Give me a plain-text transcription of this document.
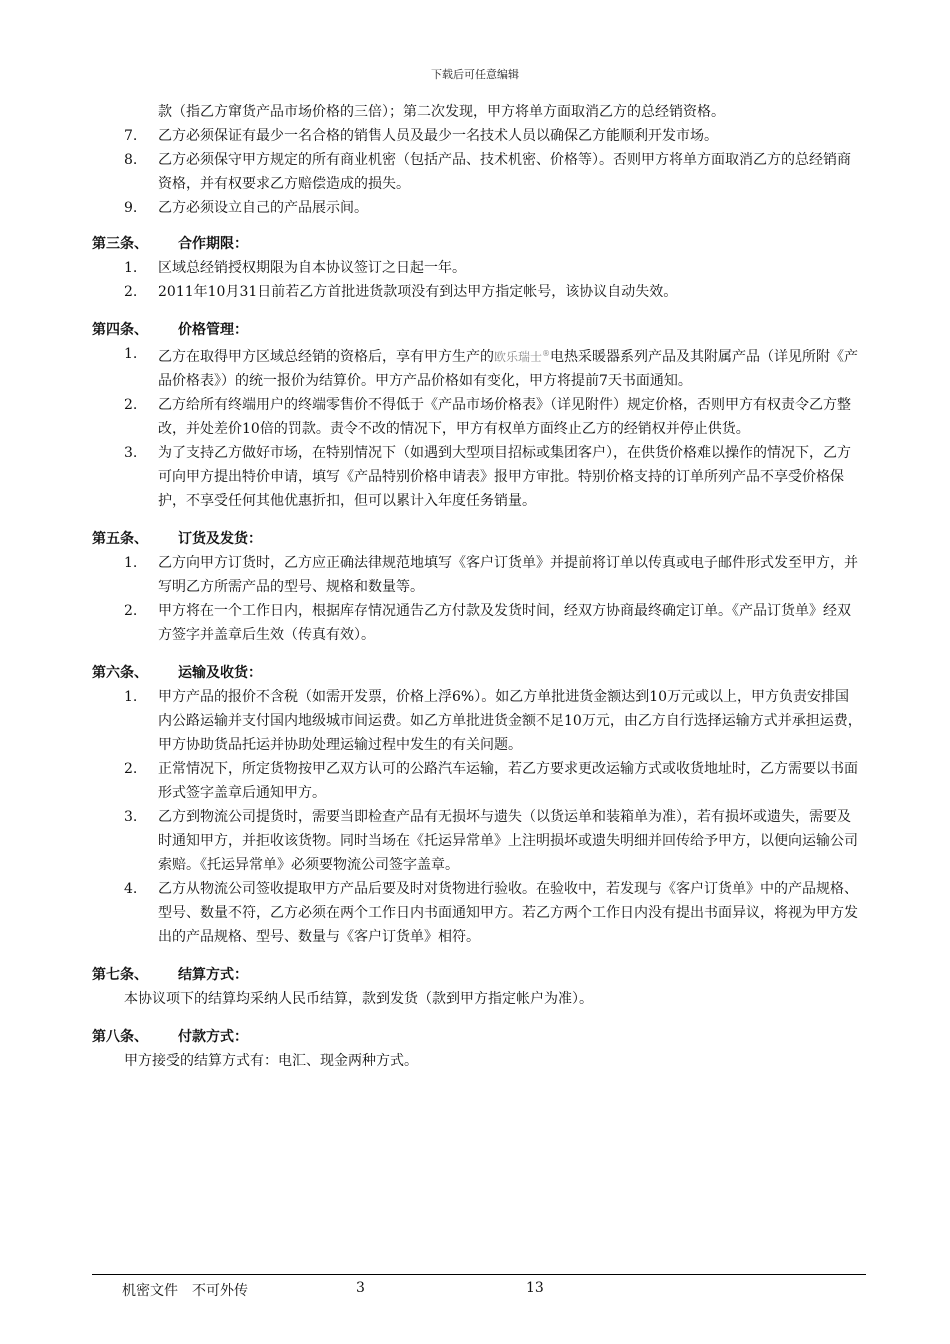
下载后可任意编辑
款（指乙方窜货产品市场价格的三倍）；第二次发现，甲方将单方面取消乙方的总经销资格。
7. 乙方必须保证有最少一名合格的销售人员及最少一名技术人员以确保乙方能顺利开发市场。
8. 乙方必须保守甲方规定的所有商业机密（包括产品、技术机密、价格等）。否则甲方将单方面取消乙方的总经销商资格，并有权要求乙方赔偿造成的损失。
9. 乙方必须设立自己的产品展示间。
第三条、 合作期限：
1. 区域总经销授权期限为自本协议签订之日起一年。
2. 2011年10月31日前若乙方首批进货款项没有到达甲方指定帐号，该协议自动失效。
第四条、 价格管理：
1. 乙方在取得甲方区域总经销的资格后，享有甲方生产的欧乐瑞士®电热采暖器系列产品及其附属产品（详见所附《产品价格表》）的统一报价为结算价。甲方产品价格如有变化，甲方将提前7天书面通知。
2. 乙方给所有终端用户的终端零售价不得低于《产品市场价格表》（详见附件）规定价格，否则甲方有权责令乙方整改，并处差价10倍的罚款。责令不改的情况下，甲方有权单方面终止乙方的经销权并停止供货。
3. 为了支持乙方做好市场，在特别情况下（如遇到大型项目招标或集团客户），在供货价格难以操作的情况下，乙方可向甲方提出特价申请，填写《产品特别价格申请表》报甲方审批。特别价格支持的订单所列产品不享受价格保护，不享受任何其他优惠折扣，但可以累计入年度任务销量。
第五条、 订货及发货：
1. 乙方向甲方订货时，乙方应正确法律规范地填写《客户订货单》并提前将订单以传真或电子邮件形式发至甲方，并写明乙方所需产品的型号、规格和数量等。
2. 甲方将在一个工作日内，根据库存情况通告乙方付款及发货时间，经双方协商最终确定订单。《产品订货单》经双方签字并盖章后生效（传真有效）。
第六条、 运输及收货：
1. 甲方产品的报价不含税（如需开发票，价格上浮6%）。如乙方单批进货金额达到10万元或以上，甲方负责安排国内公路运输并支付国内地级城市间运费。如乙方单批进货金额不足10万元，由乙方自行选择运输方式并承担运费，甲方协助货品托运并协助处理运输过程中发生的有关问题。
2. 正常情况下，所定货物按甲乙双方认可的公路汽车运输，若乙方要求更改运输方式或收货地址时，乙方需要以书面形式签字盖章后通知甲方。
3. 乙方到物流公司提货时，需要当即检查产品有无损坏与遗失（以货运单和装箱单为准），若有损坏或遗失，需要及时通知甲方，并拒收该货物。同时当场在《托运异常单》上注明损坏或遗失明细并回传给予甲方，以便向运输公司索赔。《托运异常单》必须要物流公司签字盖章。
4. 乙方从物流公司签收提取甲方产品后要及时对货物进行验收。在验收中，若发现与《客户订货单》中的产品规格、型号、数量不符，乙方必须在两个工作日内书面通知甲方。若乙方两个工作日内没有提出书面异议，将视为甲方发出的产品规格、型号、数量与《客户订货单》相符。
第七条、 结算方式：
本协议项下的结算均采纳人民币结算，款到发货（款到甲方指定帐户为准）。
第八条、 付款方式：
甲方接受的结算方式有：电汇、现金两种方式。
机密文件　不可外传	3	13
